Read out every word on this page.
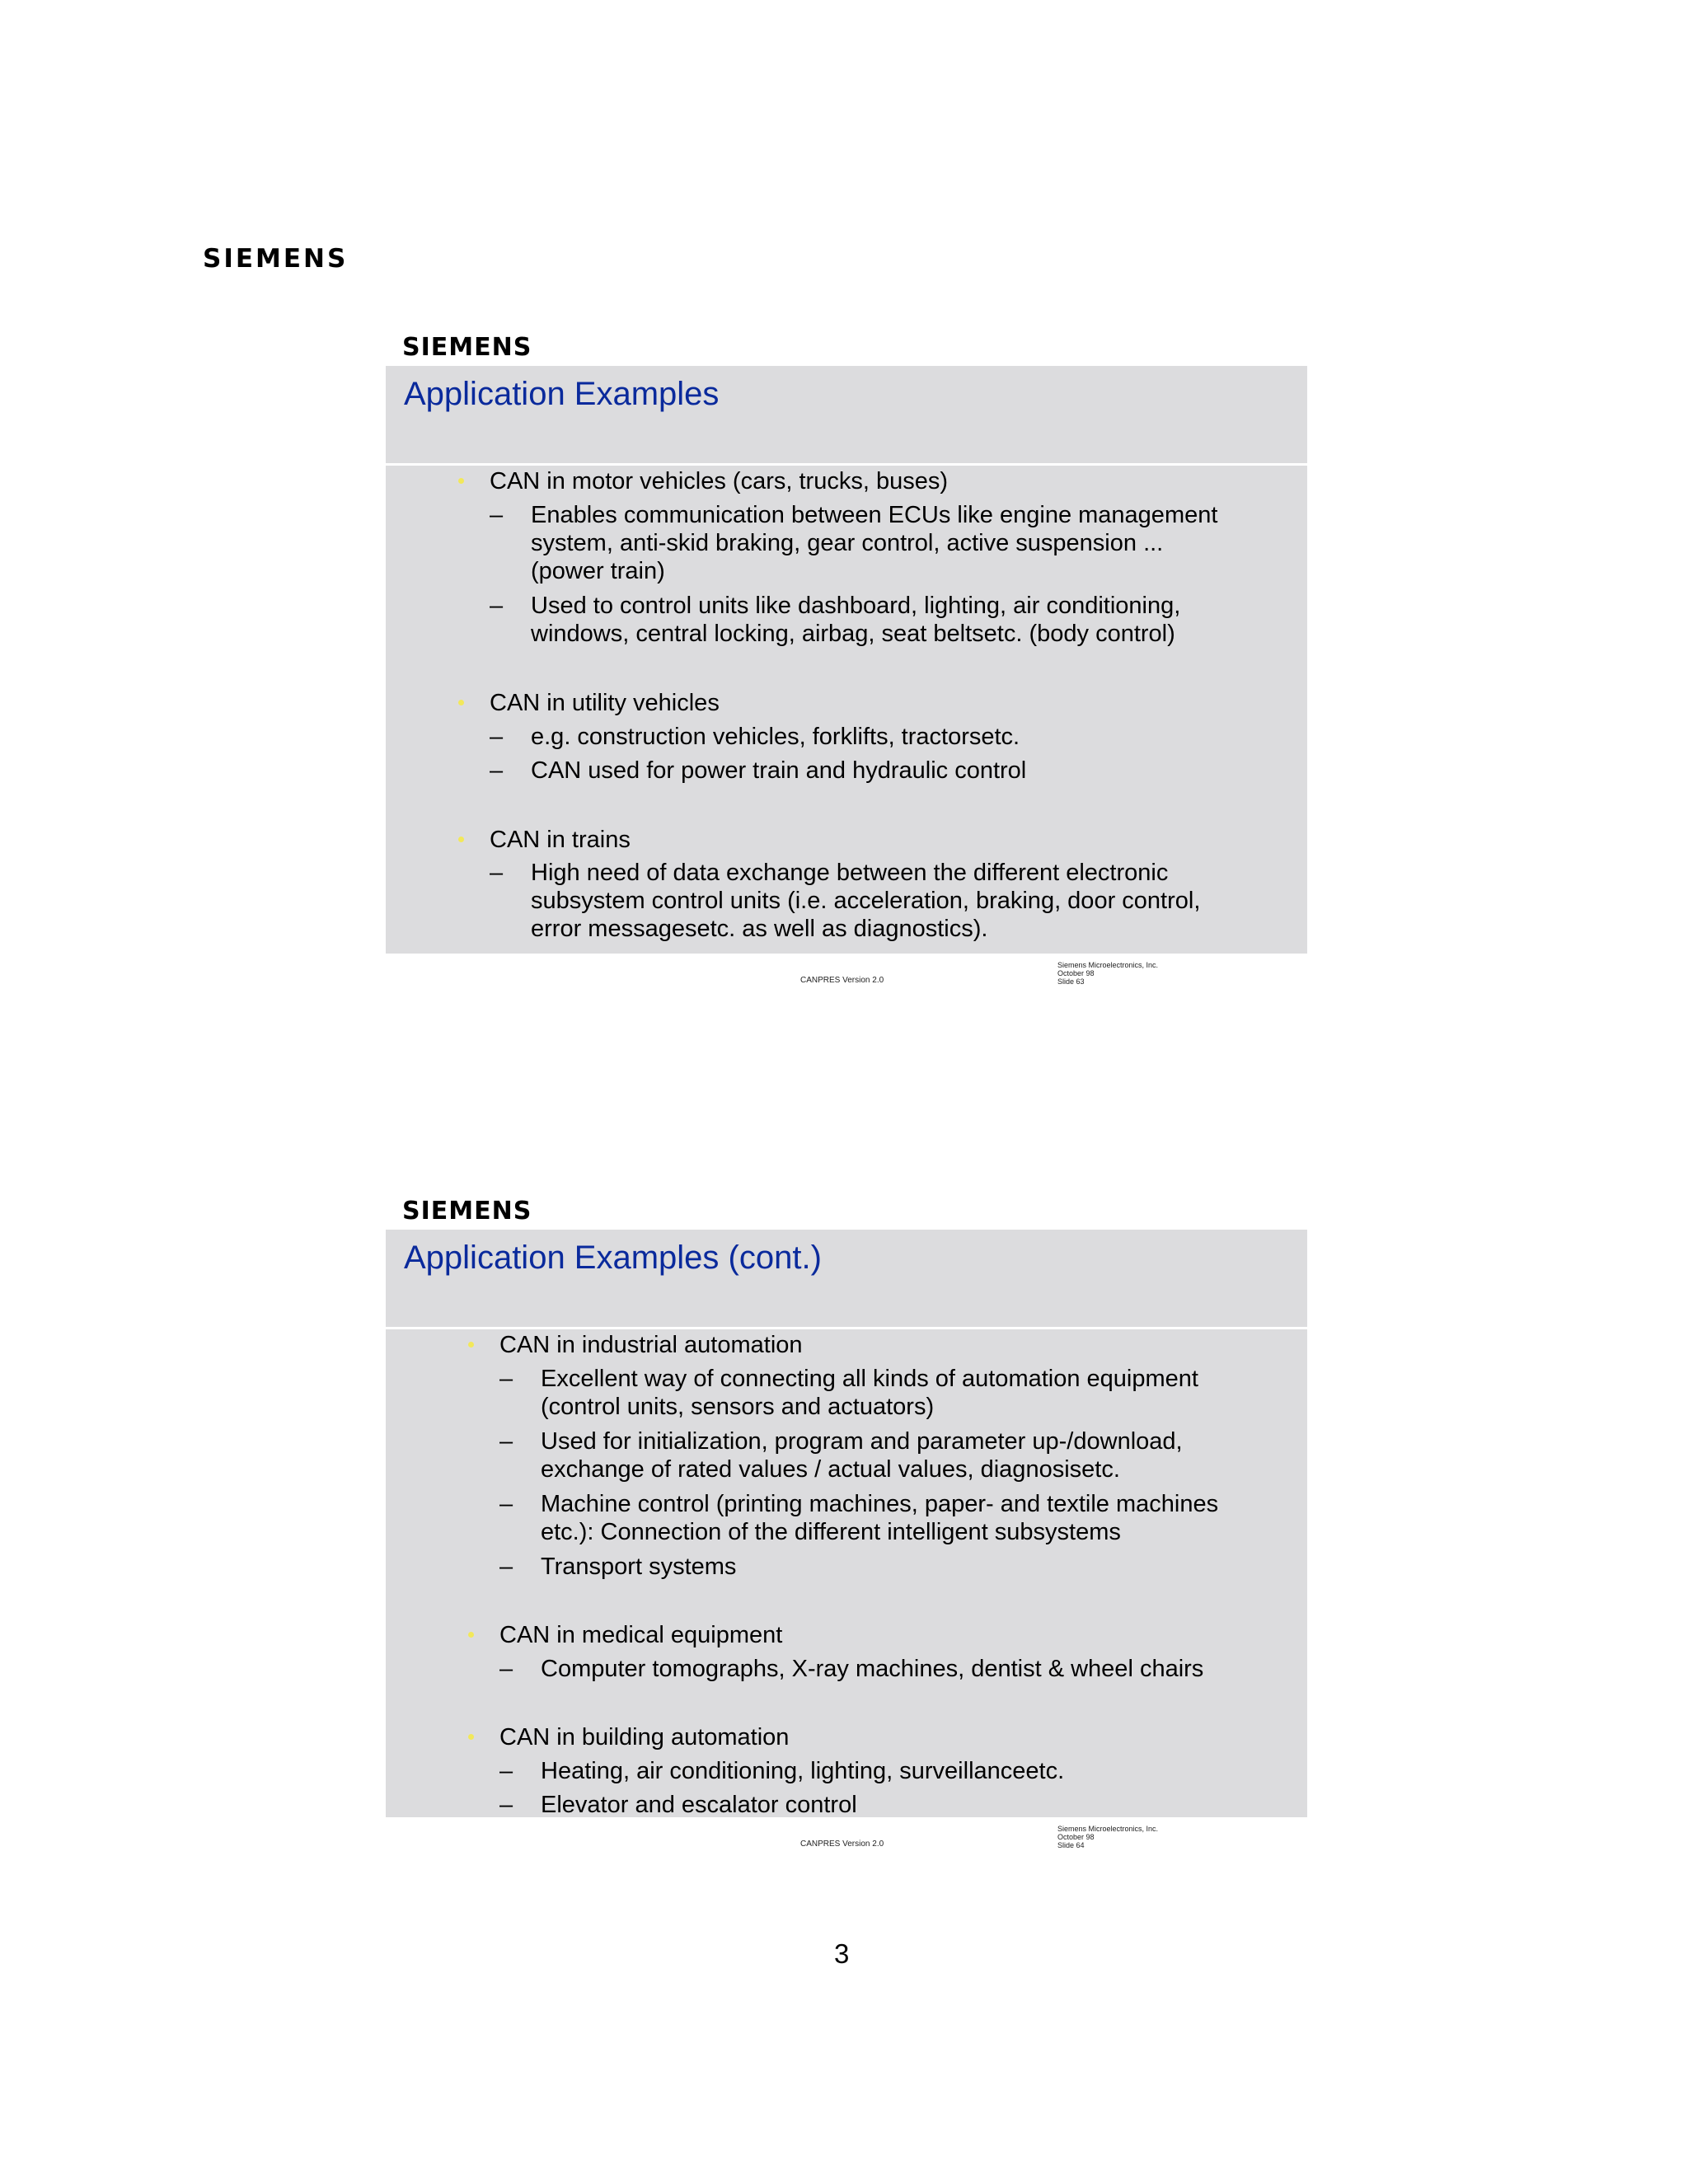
SIEMENS
SIEMENS
Application Examples
CAN in motor vehicles (cars, trucks, buses)
– Enables communication between ECUs like engine management
system, anti-skid braking, gear control, active suspension ...
(power train)
– Used to control units like dashboard, lighting, air conditioning,
windows, central locking, airbag, seat beltsetc. (body control)
CAN in utility vehicles
– e.g. construction vehicles, forklifts, tractorsetc.
– CAN used for power train and hydraulic control
CAN in trains
– High need of data exchange between the different electronic
subsystem control units (i.e. acceleration, braking, door control,
error messagesetc. as well as diagnostics).
CANPRES Version 2.0
Siemens Microelectronics, Inc.
October 98
Slide 63
SIEMENS
Application Examples (cont.)
CAN in industrial automation
– Excellent way of connecting all kinds of automation equipment
(control units, sensors and actuators)
– Used for initialization, program and parameter up-/download,
exchange of rated values / actual values, diagnosisetc.
– Machine control (printing machines, paper- and textile machines
etc.): Connection of the different intelligent subsystems
– Transport systems
CAN in medical equipment
– Computer tomographs, X-ray machines, dentist & wheel chairs
CAN in building automation
– Heating, air conditioning, lighting, surveillanceetc.
– Elevator and escalator control
CANPRES Version 2.0
Siemens Microelectronics, Inc.
October 98
Slide 64
3
